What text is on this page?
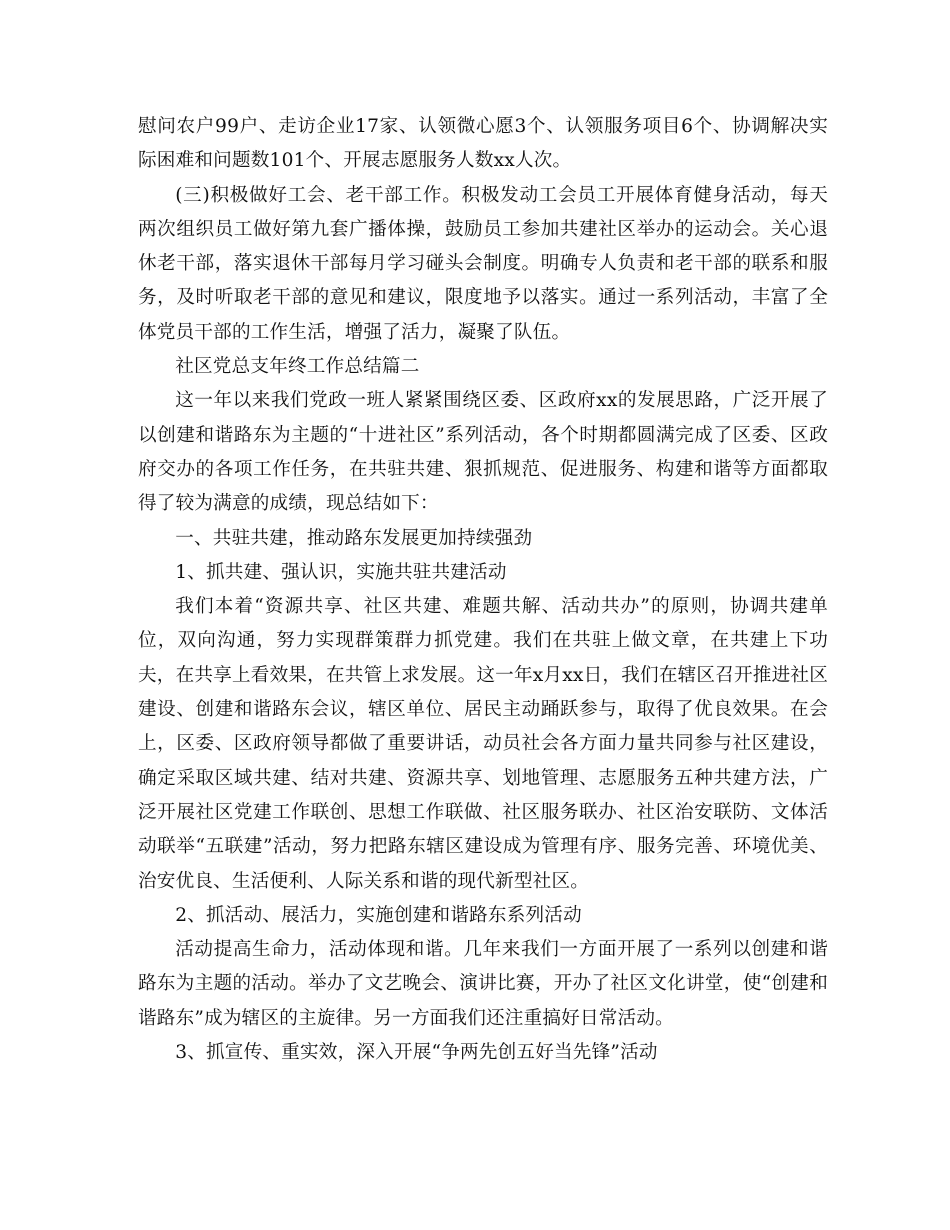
慰问农户99户、走访企业17家、认领微心愿3个、认领服务项目6个、协调解决实际困难和问题数101个、开展志愿服务人数xx人次。

(三)积极做好工会、老干部工作。积极发动工会员工开展体育健身活动，每天两次组织员工做好第九套广播体操，鼓励员工参加共建社区举办的运动会。关心退休老干部，落实退休干部每月学习碰头会制度。明确专人负责和老干部的联系和服务，及时听取老干部的意见和建议，限度地予以落实。通过一系列活动，丰富了全体党员干部的工作生活，增强了活力，凝聚了队伍。

社区党总支年终工作总结篇二

这一年以来我们党政一班人紧紧围绕区委、区政府xx的发展思路，广泛开展了以创建和谐路东为主题的“十进社区”系列活动，各个时期都圆满完成了区委、区政府交办的各项工作任务，在共驻共建、狠抓规范、促进服务、构建和谐等方面都取得了较为满意的成绩，现总结如下：

一、共驻共建，推动路东发展更加持续强劲

1、抓共建、强认识，实施共驻共建活动

我们本着“资源共享、社区共建、难题共解、活动共办”的原则，协调共建单位，双向沟通，努力实现群策群力抓党建。我们在共驻上做文章，在共建上下功夫，在共享上看效果，在共管上求发展。这一年x月xx日，我们在辖区召开推进社区建设、创建和谐路东会议，辖区单位、居民主动踊跃参与，取得了优良效果。在会上，区委、区政府领导都做了重要讲话，动员社会各方面力量共同参与社区建设，确定采取区域共建、结对共建、资源共享、划地管理、志愿服务五种共建方法，广泛开展社区党建工作联创、思想工作联做、社区服务联办、社区治安联防、文体活动联举“五联建”活动，努力把路东辖区建设成为管理有序、服务完善、环境优美、治安优良、生活便利、人际关系和谐的现代新型社区。

2、抓活动、展活力，实施创建和谐路东系列活动

活动提高生命力，活动体现和谐。几年来我们一方面开展了一系列以创建和谐路东为主题的活动。举办了文艺晚会、演讲比赛，开办了社区文化讲堂，使“创建和谐路东”成为辖区的主旋律。另一方面我们还注重搞好日常活动。

3、抓宣传、重实效，深入开展“争两先创五好当先锋”活动
